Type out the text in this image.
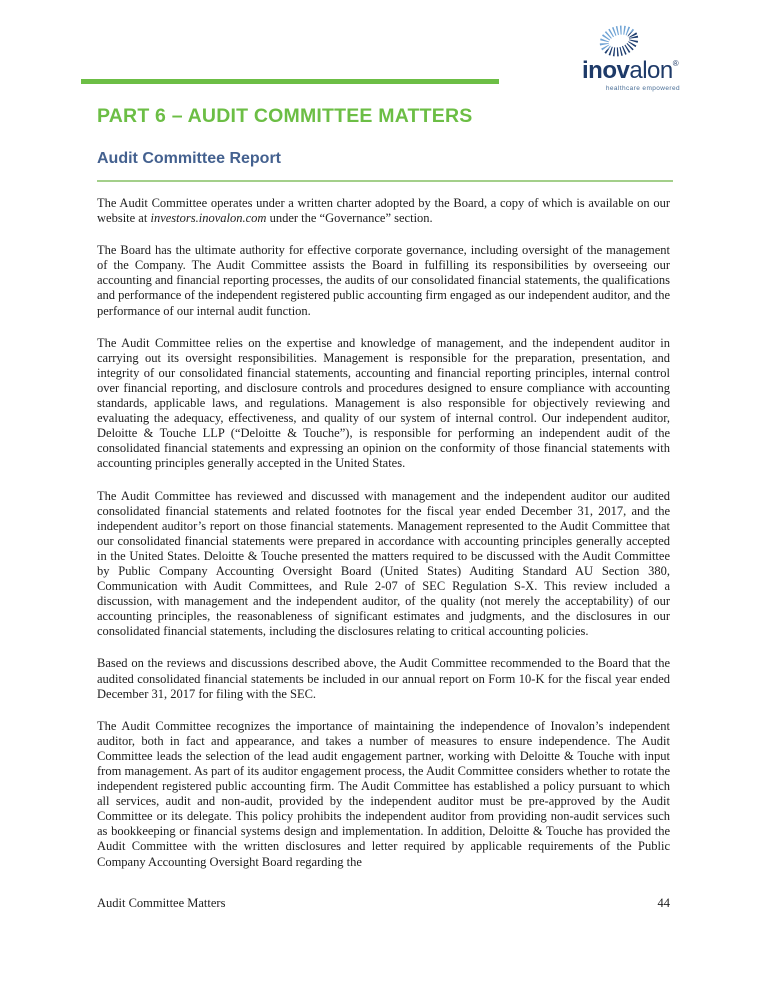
inovalon®
healthcare empowered
PART 6 – AUDIT COMMITTEE MATTERS
Audit Committee Report

The Audit Committee operates under a written charter adopted by the Board, a copy of which is available on our website at investors.inovalon.com under the “Governance” section.

The Board has the ultimate authority for effective corporate governance, including oversight of the management of the Company. The Audit Committee assists the Board in fulfilling its responsibilities by overseeing our accounting and financial reporting processes, the audits of our consolidated financial statements, the qualifications and performance of the independent registered public accounting firm engaged as our independent auditor, and the performance of our internal audit function.

The Audit Committee relies on the expertise and knowledge of management, and the independent auditor in carrying out its oversight responsibilities. Management is responsible for the preparation, presentation, and integrity of our consolidated financial statements, accounting and financial reporting principles, internal control over financial reporting, and disclosure controls and procedures designed to ensure compliance with accounting standards, applicable laws, and regulations. Management is also responsible for objectively reviewing and evaluating the adequacy, effectiveness, and quality of our system of internal control. Our independent auditor, Deloitte & Touche LLP (“Deloitte & Touche”), is responsible for performing an independent audit of the consolidated financial statements and expressing an opinion on the conformity of those financial statements with accounting principles generally accepted in the United States.

The Audit Committee has reviewed and discussed with management and the independent auditor our audited consolidated financial statements and related footnotes for the fiscal year ended December 31, 2017, and the independent auditor’s report on those financial statements. Management represented to the Audit Committee that our consolidated financial statements were prepared in accordance with accounting principles generally accepted in the United States. Deloitte & Touche presented the matters required to be discussed with the Audit Committee by Public Company Accounting Oversight Board (United States) Auditing Standard AU Section 380, Communication with Audit Committees, and Rule 2-07 of SEC Regulation S-X. This review included a discussion, with management and the independent auditor, of the quality (not merely the acceptability) of our accounting principles, the reasonableness of significant estimates and judgments, and the disclosures in our consolidated financial statements, including the disclosures relating to critical accounting policies.

Based on the reviews and discussions described above, the Audit Committee recommended to the Board that the audited consolidated financial statements be included in our annual report on Form 10-K for the fiscal year ended December 31, 2017 for filing with the SEC.

The Audit Committee recognizes the importance of maintaining the independence of Inovalon’s independent auditor, both in fact and appearance, and takes a number of measures to ensure independence. The Audit Committee leads the selection of the lead audit engagement partner, working with Deloitte & Touche with input from management. As part of its auditor engagement process, the Audit Committee considers whether to rotate the independent registered public accounting firm. The Audit Committee has established a policy pursuant to which all services, audit and non-audit, provided by the independent auditor must be pre-approved by the Audit Committee or its delegate. This policy prohibits the independent auditor from providing non-audit services such as bookkeeping or financial systems design and implementation. In addition, Deloitte & Touche has provided the Audit Committee with the written disclosures and letter required by applicable requirements of the Public Company Accounting Oversight Board regarding the

Audit Committee Matters	44
